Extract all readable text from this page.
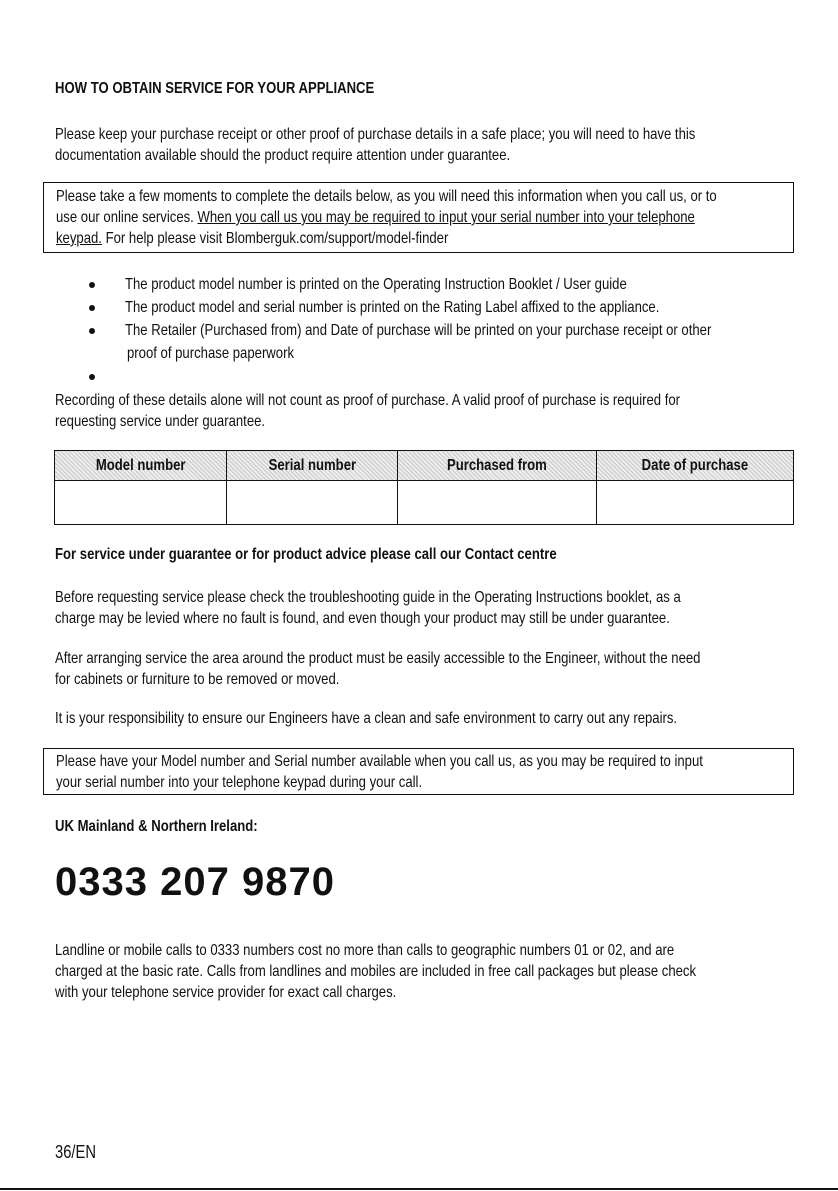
HOW TO OBTAIN SERVICE FOR YOUR APPLIANCE
Please keep your purchase receipt or other proof of purchase details in a safe place; you will need to have this
documentation available should the product require attention under guarantee.
Please take a few moments to complete the details below, as you will need this information when you call us, or to
use our online services. When you call us you may be required to input your serial number into your telephone
keypad. For help please visit Blomberguk.com/support/model-finder
The product model number is printed on the Operating Instruction Booklet / User guide
The product model and serial number is printed on the Rating Label affixed to the appliance.
The Retailer (Purchased from) and Date of purchase will be printed on your purchase receipt or other
proof of purchase paperwork
Recording of these details alone will not count as proof of purchase. A valid proof of purchase is required for
requesting service under guarantee.
Model number	Serial number	Purchased from	Date of purchase

For service under guarantee or for product advice please call our Contact centre
Before requesting service please check the troubleshooting guide in the Operating Instructions booklet, as a
charge may be levied where no fault is found, and even though your product may still be under guarantee.
After arranging service the area around the product must be easily accessible to the Engineer, without the need
for cabinets or furniture to be removed or moved.
It is your responsibility to ensure our Engineers have a clean and safe environment to carry out any repairs.
Please have your Model number and Serial number available when you call us, as you may be required to input
your serial number into your telephone keypad during your call.
UK Mainland & Northern Ireland:
0333 207 9870
Landline or mobile calls to 0333 numbers cost no more than calls to geographic numbers 01 or 02, and are
charged at the basic rate. Calls from landlines and mobiles are included in free call packages but please check
with your telephone service provider for exact call charges.
36/EN
